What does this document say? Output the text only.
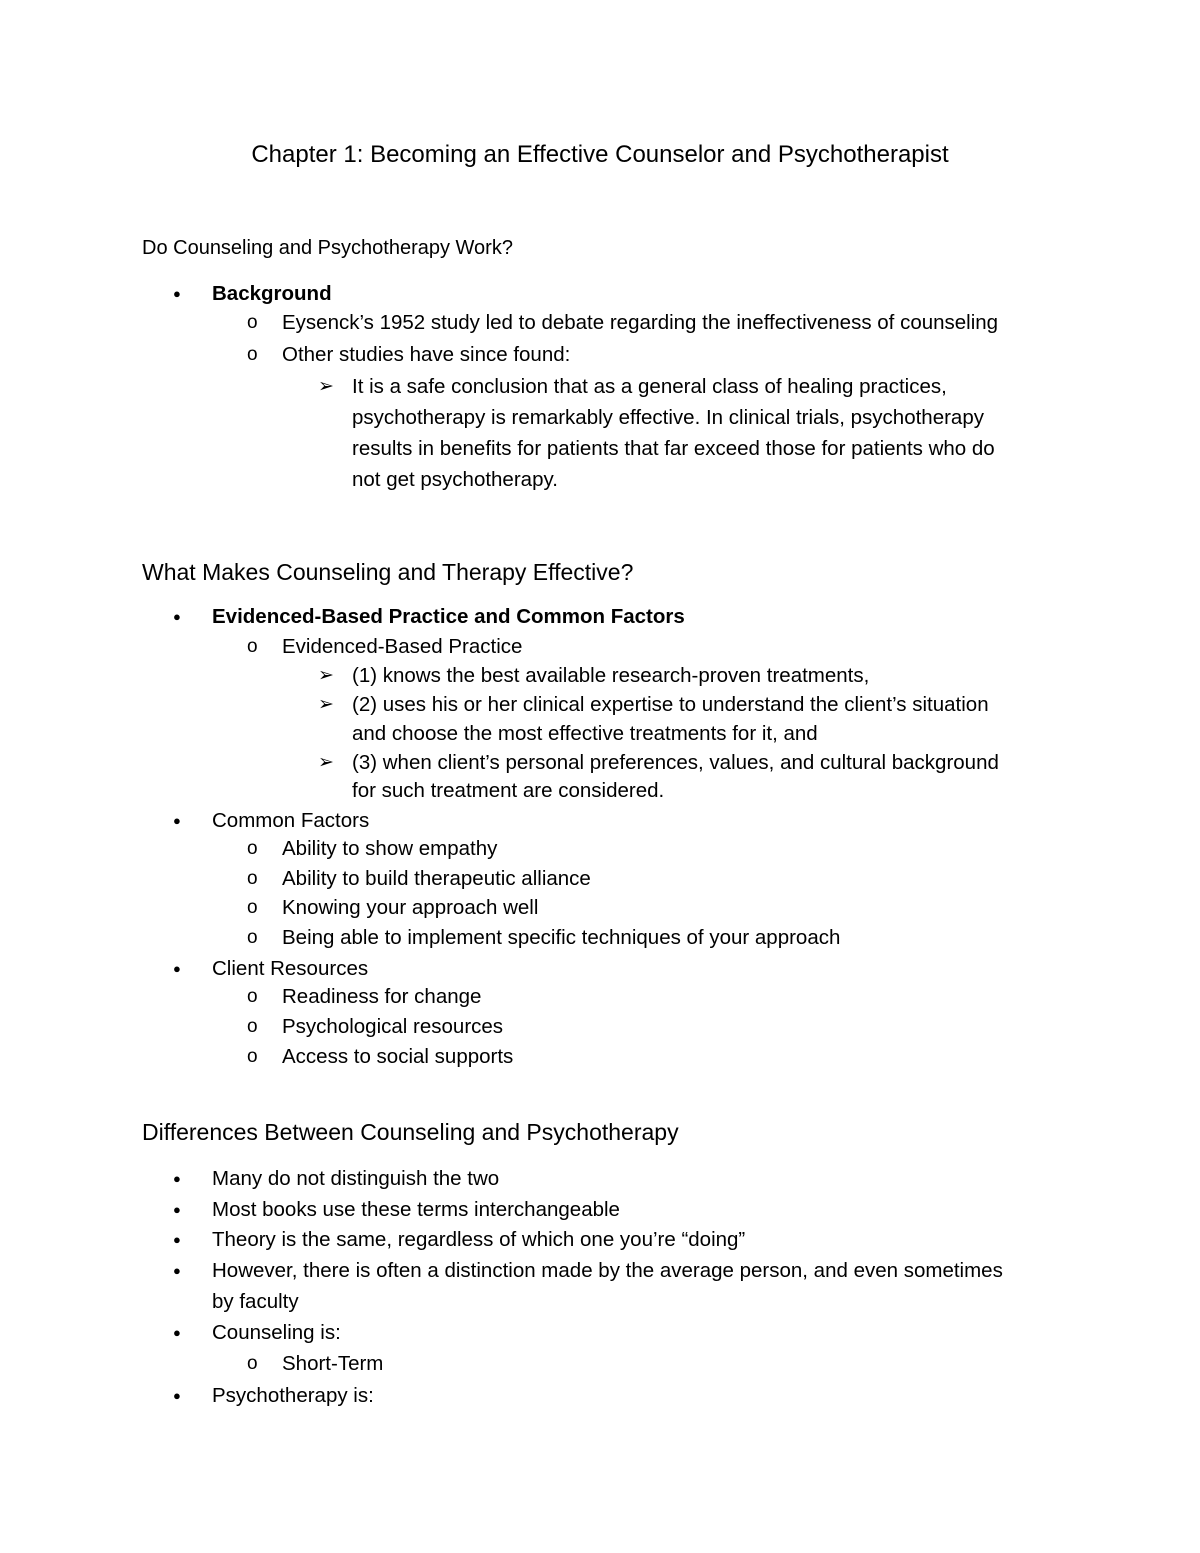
Chapter 1: Becoming an Effective Counselor and Psychotherapist
Do Counseling and Psychotherapy Work?
● Background
o Eysenck’s 1952 study led to debate regarding the ineffectiveness of counseling
o Other studies have since found:
➢ It is a safe conclusion that as a general class of healing practices,
psychotherapy is remarkably effective. In clinical trials, psychotherapy
results in benefits for patients that far exceed those for patients who do
not get psychotherapy.
What Makes Counseling and Therapy Effective?
● Evidenced-Based Practice and Common Factors
o Evidenced-Based Practice
➢ (1) knows the best available research-proven treatments,
➢ (2) uses his or her clinical expertise to understand the client’s situation
and choose the most effective treatments for it, and
➢ (3) when client’s personal preferences, values, and cultural background
for such treatment are considered.
● Common Factors
o Ability to show empathy
o Ability to build therapeutic alliance
o Knowing your approach well
o Being able to implement specific techniques of your approach
● Client Resources
o Readiness for change
o Psychological resources
o Access to social supports
Differences Between Counseling and Psychotherapy
● Many do not distinguish the two
● Most books use these terms interchangeable
● Theory is the same, regardless of which one you’re “doing”
● However, there is often a distinction made by the average person, and even sometimes
by faculty
● Counseling is:
o Short-Term
● Psychotherapy is:
